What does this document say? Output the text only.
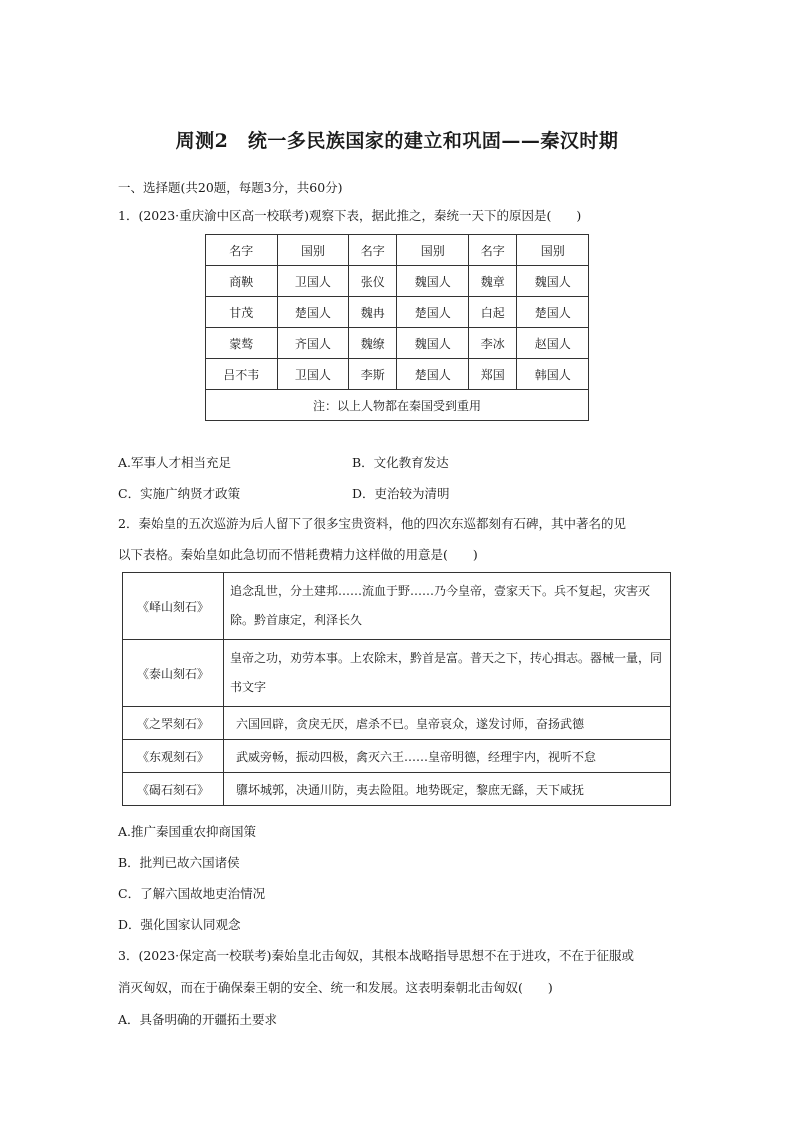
周测2　统一多民族国家的建立和巩固——秦汉时期
一、选择题(共20题，每题3分，共60分)
1．(2023·重庆渝中区高一校联考)观察下表，据此推之，秦统一天下的原因是(　　)
名字	国别	名字	国别	名字	国别
商鞅	卫国人	张仪	魏国人	魏章	魏国人
甘茂	楚国人	魏冉	楚国人	白起	楚国人
蒙骜	齐国人	魏缭	魏国人	李冰	赵国人
吕不韦	卫国人	李斯	楚国人	郑国	韩国人
注：以上人物都在秦国受到重用					
A.军事人才相当充足	B．文化教育发达
C．实施广纳贤才政策	D．吏治较为清明
2．秦始皇的五次巡游为后人留下了很多宝贵资料，他的四次东巡都刻有石碑，其中著名的见
以下表格。秦始皇如此急切而不惜耗费精力这样做的用意是(　　)
《峄山刻石》	追念乱世，分土建邦……流血于野……乃今皇帝，壹家天下。兵不复起，灾害灭除。黔首康定，利泽长久
《泰山刻石》	皇帝之功，劝劳本事。上农除末，黔首是富。普天之下，抟心揖志。器械一量，同书文字
《之罘刻石》	六国回辟，贪戾无厌，虐杀不已。皇帝哀众，遂发讨师，奋扬武德
《东观刻石》	武威旁畅，振动四极，禽灭六王……皇帝明德，经理宇内，视听不怠
《碣石刻石》	隳坏城郭，决通川防，夷去险阻。地势既定，黎庶无繇，天下咸抚
A.推广秦国重农抑商国策
B．批判已故六国诸侯
C．了解六国故地吏治情况
D．强化国家认同观念
3．(2023·保定高一校联考)秦始皇北击匈奴，其根本战略指导思想不在于进攻，不在于征服或
消灭匈奴，而在于确保秦王朝的安全、统一和发展。这表明秦朝北击匈奴(　　)
A．具备明确的开疆拓土要求
